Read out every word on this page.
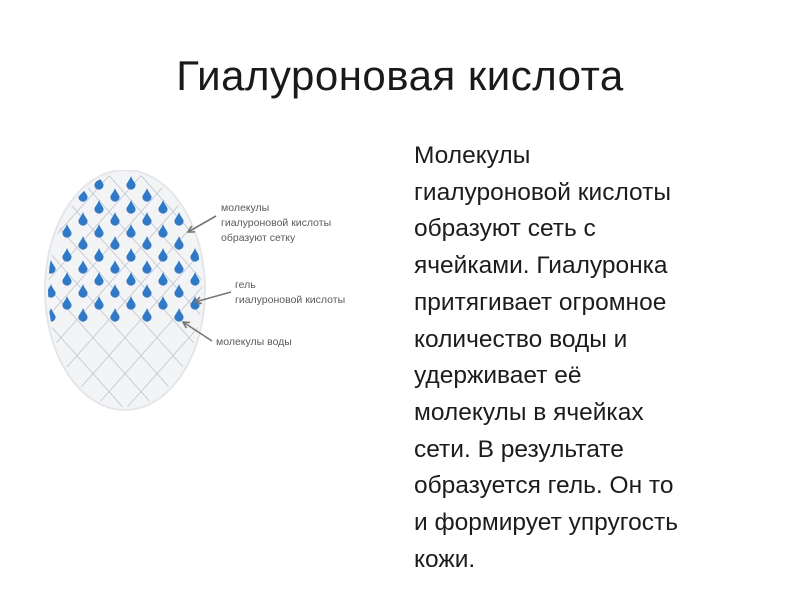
Гиалуроновая кислота
молекулы
гиалуроновой кислоты
образуют сетку
гель
гиалуроновой кислоты
молекулы воды
Молекулы
гиалуроновой кислоты
образуют сеть с
ячейками. Гиалуронка
притягивает огромное
количество воды и
удерживает её
молекулы в ячейках
сети. В результате
образуется гель. Он то
и формирует упругость
кожи.
